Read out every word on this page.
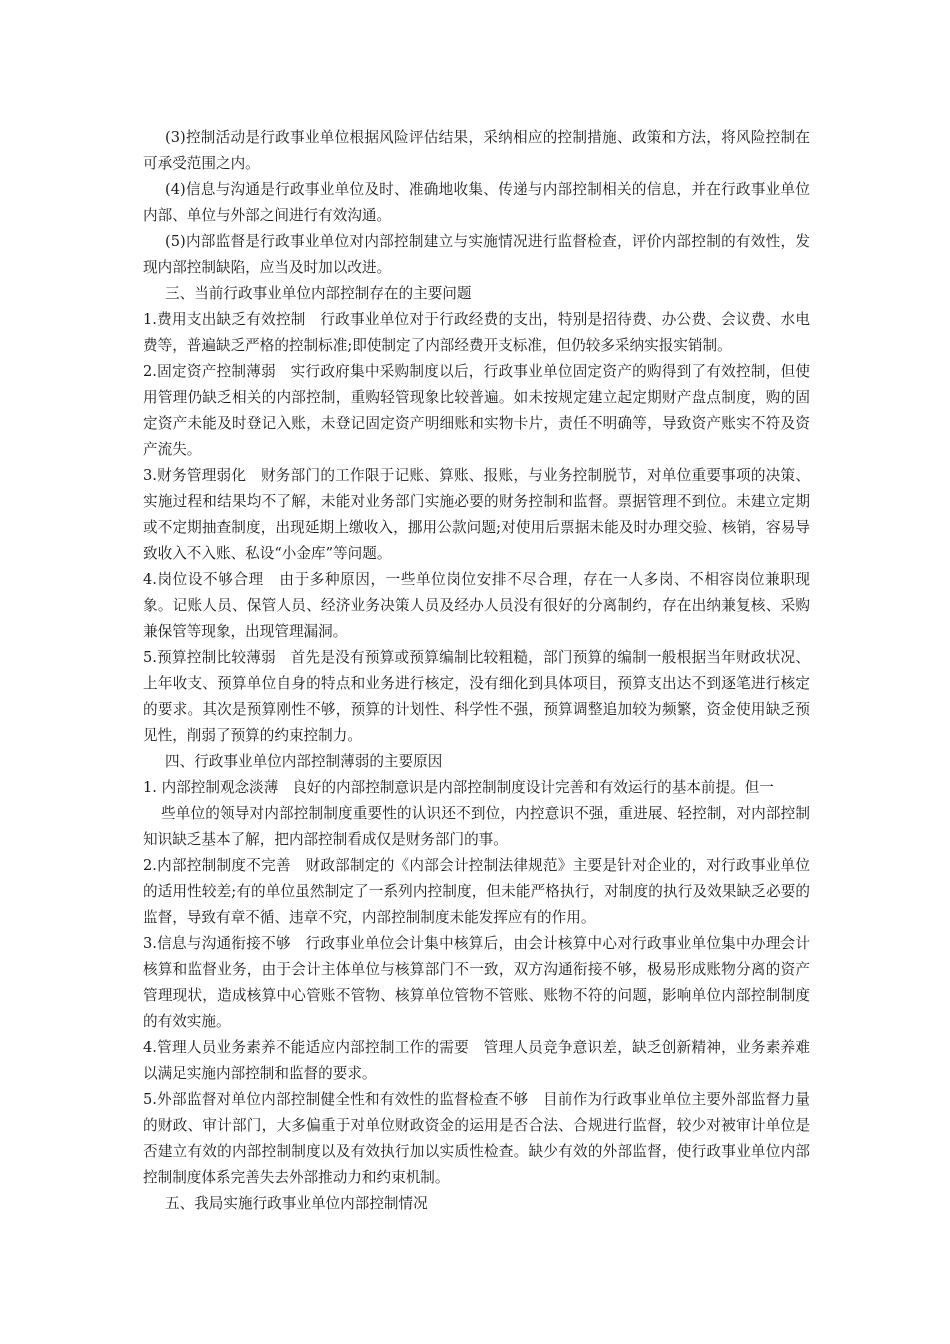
(3)控制活动是行政事业单位根据风险评估结果，采纳相应的控制措施、政策和方法，将风险控制在可承受范围之内。

(4)信息与沟通是行政事业单位及时、准确地收集、传递与内部控制相关的信息，并在行政事业单位内部、单位与外部之间进行有效沟通。

(5)内部监督是行政事业单位对内部控制建立与实施情况进行监督检查，评价内部控制的有效性，发现内部控制缺陷，应当及时加以改进。

三、当前行政事业单位内部控制存在的主要问题

1.费用支出缺乏有效控制 行政事业单位对于行政经费的支出，特别是招待费、办公费、会议费、水电费等，普遍缺乏严格的控制标准;即使制定了内部经费开支标准，但仍较多采纳实报实销制。

2.固定资产控制薄弱 实行政府集中采购制度以后，行政事业单位固定资产的购得到了有效控制，但使用管理仍缺乏相关的内部控制，重购轻管现象比较普遍。如未按规定建立起定期财产盘点制度，购的固定资产未能及时登记入账，未登记固定资产明细账和实物卡片，责任不明确等，导致资产账实不符及资产流失。

3.财务管理弱化 财务部门的工作限于记账、算账、报账，与业务控制脱节，对单位重要事项的决策、实施过程和结果均不了解，未能对业务部门实施必要的财务控制和监督。票据管理不到位。未建立定期或不定期抽查制度，出现延期上缴收入，挪用公款问题;对使用后票据未能及时办理交验、核销，容易导致收入不入账、私设“小金库”等问题。

4.岗位设不够合理 由于多种原因，一些单位岗位安排不尽合理，存在一人多岗、不相容岗位兼职现象。记账人员、保管人员、经济业务决策人员及经办人员没有很好的分离制约，存在出纳兼复核、采购兼保管等现象，出现管理漏洞。

5.预算控制比较薄弱 首先是没有预算或预算编制比较粗糙，部门预算的编制一般根据当年财政状况、上年收支、预算单位自身的特点和业务进行核定，没有细化到具体项目，预算支出达不到逐笔进行核定的要求。其次是预算刚性不够，预算的计划性、科学性不强，预算调整追加较为频繁，资金使用缺乏预见性，削弱了预算的约束控制力。

四、行政事业单位内部控制薄弱的主要原因

1. 内部控制观念淡薄 良好的内部控制意识是内部控制制度设计完善和有效运行的基本前提。但一

些单位的领导对内部控制制度重要性的认识还不到位，内控意识不强，重进展、轻控制，对内部控制知识缺乏基本了解，把内部控制看成仅是财务部门的事。

2.内部控制制度不完善 财政部制定的《内部会计控制法律规范》主要是针对企业的，对行政事业单位的适用性较差;有的单位虽然制定了一系列内控制度，但未能严格执行，对制度的执行及效果缺乏必要的监督，导致有章不循、违章不究，内部控制制度未能发挥应有的作用。

3.信息与沟通衔接不够 行政事业单位会计集中核算后，由会计核算中心对行政事业单位集中办理会计核算和监督业务，由于会计主体单位与核算部门不一致，双方沟通衔接不够，极易形成账物分离的资产管理现状，造成核算中心管账不管物、核算单位管物不管账、账物不符的问题，影响单位内部控制制度的有效实施。

4.管理人员业务素养不能适应内部控制工作的需要 管理人员竞争意识差，缺乏创新精神，业务素养难以满足实施内部控制和监督的要求。

5.外部监督对单位内部控制健全性和有效性的监督检查不够 目前作为行政事业单位主要外部监督力量的财政、审计部门，大多偏重于对单位财政资金的运用是否合法、合规进行监督，较少对被审计单位是否建立有效的内部控制制度以及有效执行加以实质性检查。缺少有效的外部监督，使行政事业单位内部控制制度体系完善失去外部推动力和约束机制。

五、我局实施行政事业单位内部控制情况
